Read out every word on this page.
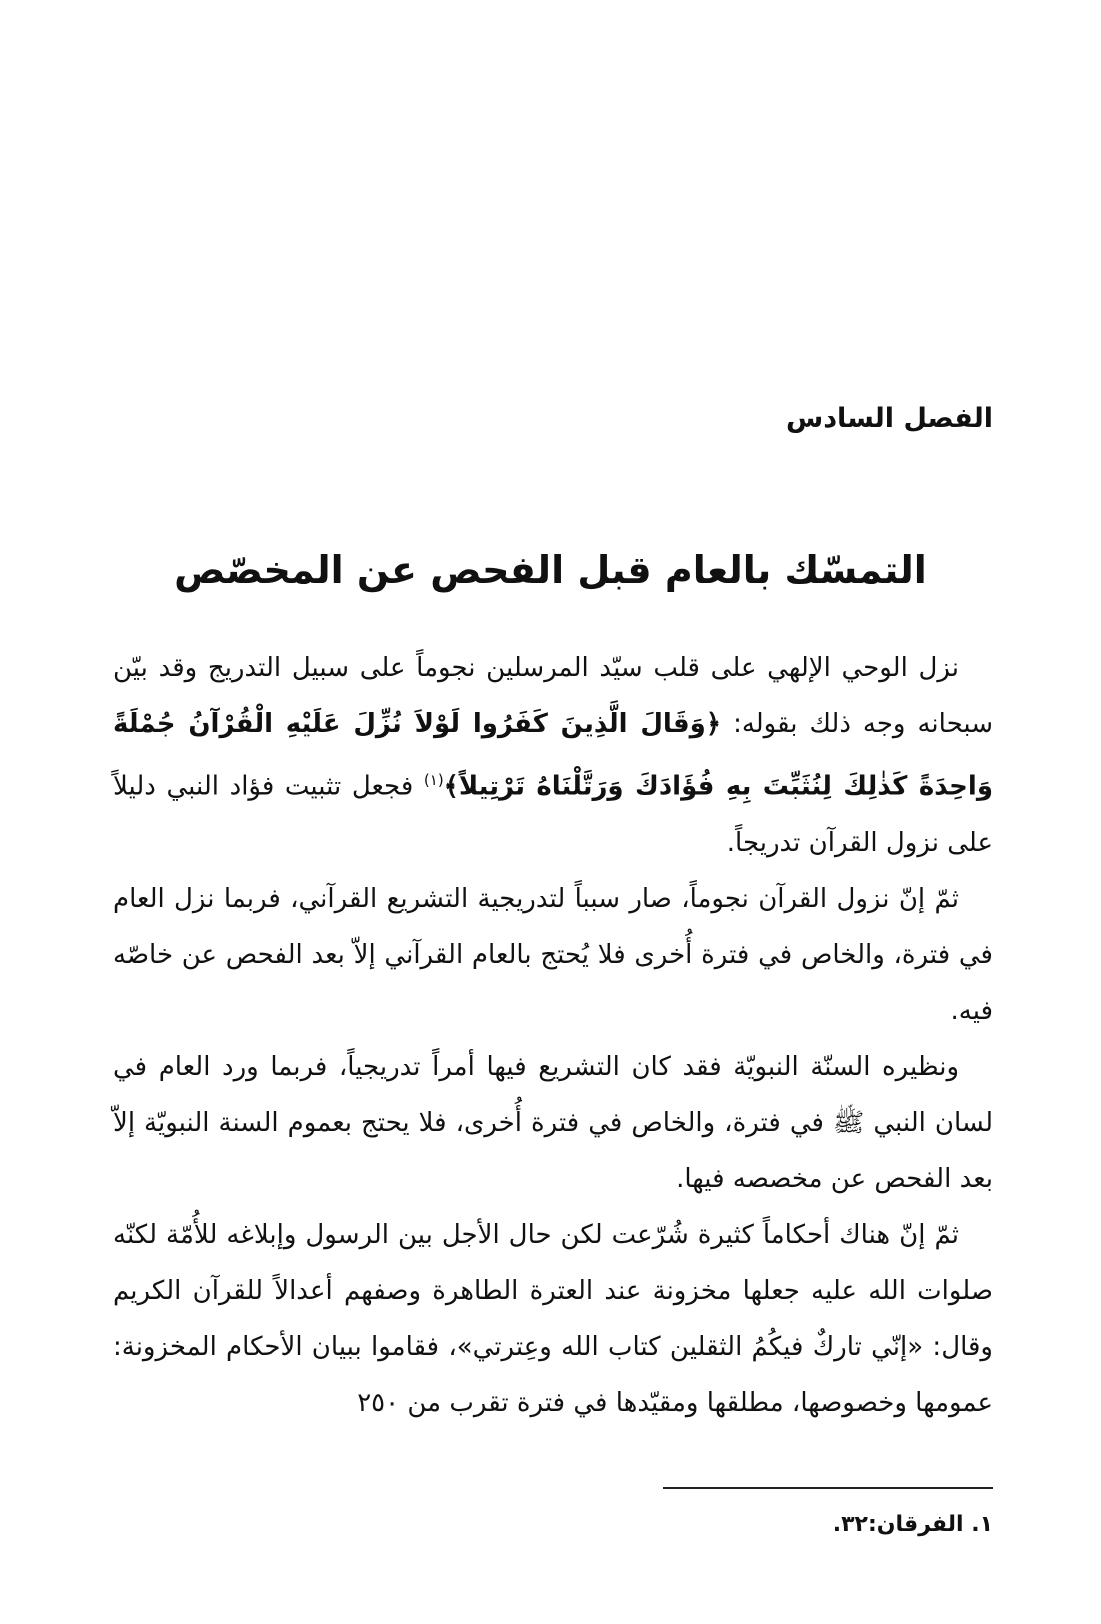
الفصل السادس
التمسّك بالعام قبل الفحص عن المخصّص

نزل الوحي الإلهي على قلب سيّد المرسلين نجوماً على سبيل التدريج وقد بيّن سبحانه وجه ذلك بقوله: ﴿وَقَالَ الَّذِينَ كَفَرُوا لَوْلاَ نُزِّلَ عَلَيْهِ الْقُرْآنُ جُمْلَةً وَاحِدَةً كَذٰلِكَ لِنُثَبِّتَ بِهِ فُؤَادَكَ وَرَتَّلْنَاهُ تَرْتِيلاً﴾$^{(١)}$ فجعل تثبيت فؤاد النبي دليلاً على نزول القرآن تدريجاً.

ثمّ إنّ نزول القرآن نجوماً، صار سبباً لتدريجية التشريع القرآني، فربما نزل العام في فترة، والخاص في فترة أُخرى فلا يُحتج بالعام القرآني إلاّ بعد الفحص عن خاصّه فيه.

ونظيره السنّة النبويّة فقد كان التشريع فيها أمراً تدريجياً، فربما ورد العام في لسان النبي ﷺ في فترة، والخاص في فترة أُخرى، فلا يحتج بعموم السنة النبويّة إلاّ بعد الفحص عن مخصصه فيها.

ثمّ إنّ هناك أحكاماً كثيرة شُرّعت لكن حال الأجل بين الرسول وإبلاغه للأُمّة لكنّه صلوات الله عليه جعلها مخزونة عند العترة الطاهرة وصفهم أعدالاً للقرآن الكريم وقال: «إنّي تاركٌ فيكُمُ الثقلين كتاب الله وعِترتي»، فقاموا ببيان الأحكام المخزونة: عمومها وخصوصها، مطلقها ومقيّدها في فترة تقرب من ٢٥٠

١. الفرقان:٣٢.
